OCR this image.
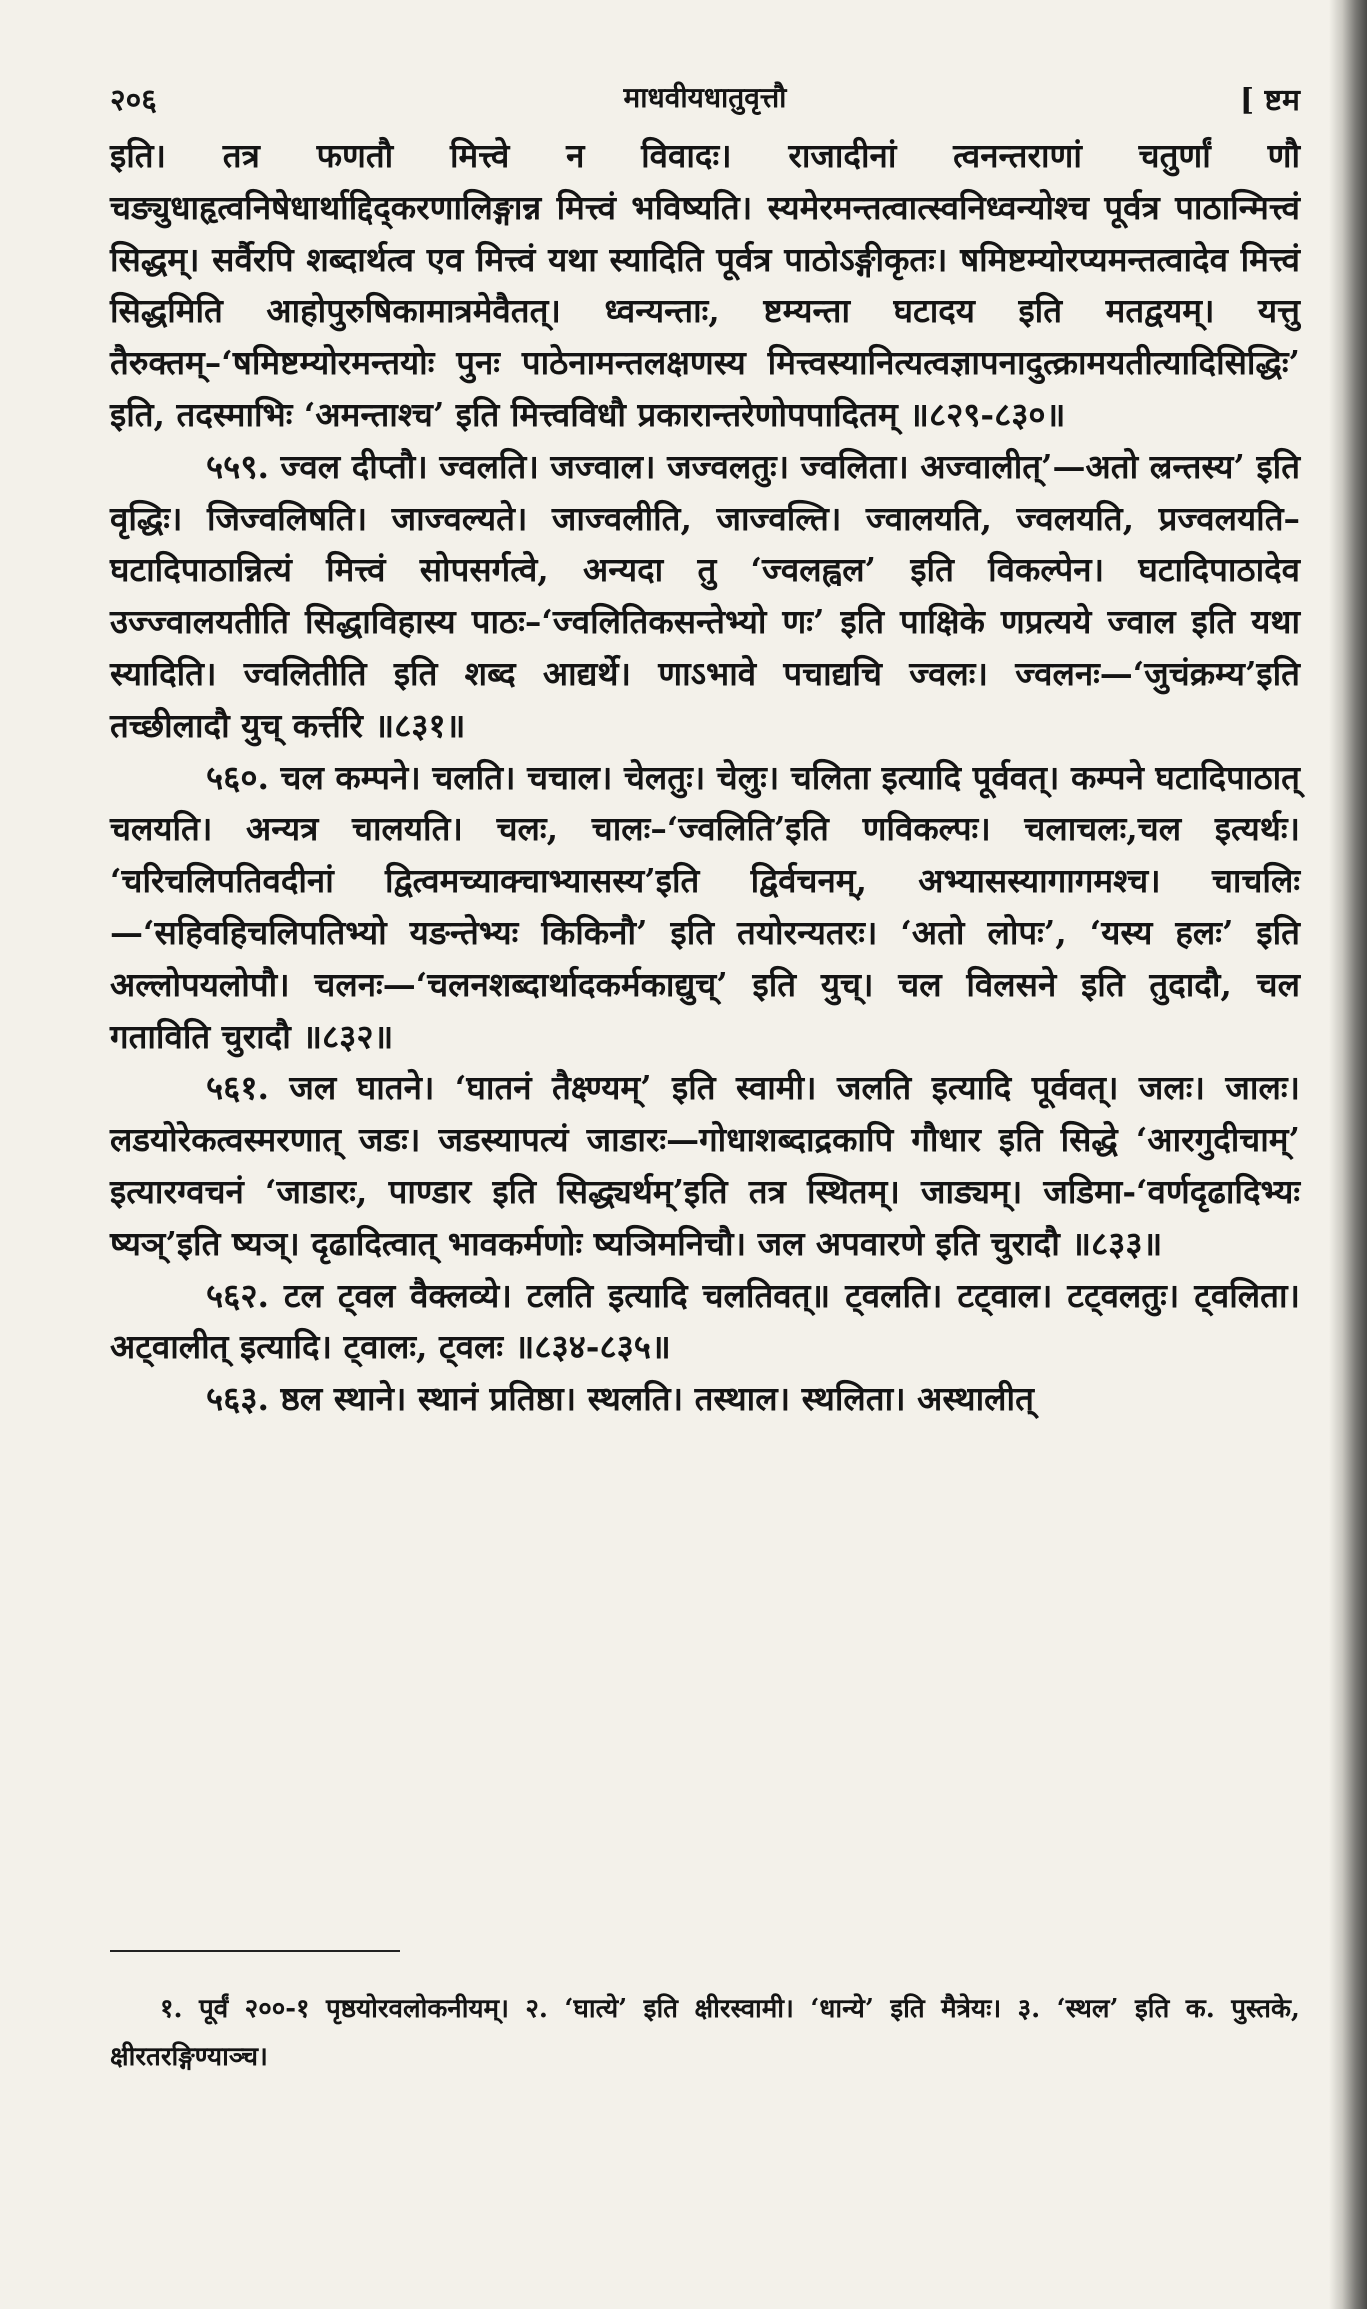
२०६	माधवीयधातुवृत्तौ	[ ष्टम

इति। तत्र फणतौ मित्त्वे न विवादः। राजादीनां त्वनन्तराणां चतुर्णां णौ चङ्युधाहृत्वनिषेधार्थाद्दिद्करणालिङ्गान्न मित्त्वं भविष्यति। स्यमेरमन्तत्वात्स्वनिध्वन्योश्च पूर्वत्र पाठान्मित्त्वं सिद्धम्। सर्वैरपि शब्दार्थत्व एव मित्त्वं यथा स्यादिति पूर्वत्र पाठोऽङ्गीकृतः। षमिष्टम्योरप्यमन्तत्वादेव मित्त्वं सिद्धमिति आहोपुरुषिकामात्रमेवैतत्। ध्वन्यन्ताः, ष्टम्यन्ता घटादय इति मतद्वयम्। यत्तु तैरुक्तम्–‘षमिष्टम्योरमन्तयोः पुनः पाठेनामन्तलक्षणस्य मित्त्वस्यानित्यत्वज्ञापनादुत्क्रामयतीत्यादिसिद्धिः’ इति, तदस्माभिः ‘अमन्ताश्च’ इति मित्त्वविधौ प्रकारान्तरेणोपपादितम् ॥८२९-८३०॥

५५९. ज्वल दीप्तौ। ज्वलति। जज्वाल। जज्वलतुः। ज्वलिता। अज्वालीत्’—अतो ल्रन्तस्य’ इति वृद्धिः। जिज्वलिषति। जाज्वल्यते। जाज्वलीति, जाज्वल्ति। ज्वालयति, ज्वलयति, प्रज्वलयति–घटादिपाठान्नित्यं मित्त्वं सोपसर्गत्वे, अन्यदा तु ‘ज्वलह्वल’ इति विकल्पेन। घटादिपाठादेव उज्ज्वालयतीति सिद्धाविहास्य पाठः–‘ज्वलितिकसन्तेभ्यो णः’ इति पाक्षिके णप्रत्यये ज्वाल इति यथा स्यादिति। ज्वलितीति इति शब्द आद्यर्थे। णाऽभावे पचाद्यचि ज्वलः। ज्वलनः—‘जुचंक्रम्य’इति तच्छीलादौ युच् कर्त्तरि ॥८३१॥

५६०. चल कम्पने। चलति। चचाल। चेलतुः। चेलुः। चलिता इत्यादि पूर्ववत्। कम्पने घटादिपाठात् चलयति। अन्यत्र चालयति। चलः, चालः–‘ज्वलिति’इति णविकल्पः। चलाचलः,चल इत्यर्थः। ‘चरिचलिपतिवदीनां द्वित्वमच्याक्चाभ्यासस्य’इति द्विर्वचनम्, अभ्यासस्यागागमश्च। चाचलिः—‘सहिवहिचलिपतिभ्यो यङन्तेभ्यः किकिनौ’ इति तयोरन्यतरः। ‘अतो लोपः’, ‘यस्य हलः’ इति अल्लोपयलोपौ। चलनः—‘चलनशब्दार्थादकर्मकाद्युच्’ इति युच्। चल विलसने इति तुदादौ, चल गताविति चुरादौ ॥८३२॥

५६१. जल घातने। ‘घातनं तैक्ष्ण्यम्’ इति स्वामी। जलति इत्यादि पूर्ववत्। जलः। जालः। लडयोरेकत्वस्मरणात् जडः। जडस्यापत्यं जाडारः—गोधाशब्दाद्रकापि गौधार इति सिद्धे ‘आरगुदीचाम्’ इत्यारग्वचनं ‘जाडारः, पाण्डार इति सिद्ध्यर्थम्’इति तत्र स्थितम्। जाड्यम्। जडिमा-‘वर्णदृढादिभ्यः ष्यञ्’इति ष्यञ्। दृढादित्वात् भावकर्मणोः ष्यञिमनिचौ। जल अपवारणे इति चुरादौ ॥८३३॥

५६२. टल ट्वल वैक्लव्ये। टलति इत्यादि चलतिवत्॥ ट्वलति। टट्वाल। टट्वलतुः। ट्वलिता। अट्वालीत् इत्यादि। ट्वालः, ट्वलः ॥८३४-८३५॥

५६३. ष्ठल स्थाने। स्थानं प्रतिष्ठा। स्थलति। तस्थाल। स्थलिता। अस्थालीत्

१. पूर्वं २००-१ पृष्ठयोरवलोकनीयम्। २. ‘घात्ये’ इति क्षीरस्वामी। ‘धान्ये’ इति मैत्रेयः। ३. ‘स्थल’ इति क. पुस्तके, क्षीरतरङ्गिण्याञ्च।
